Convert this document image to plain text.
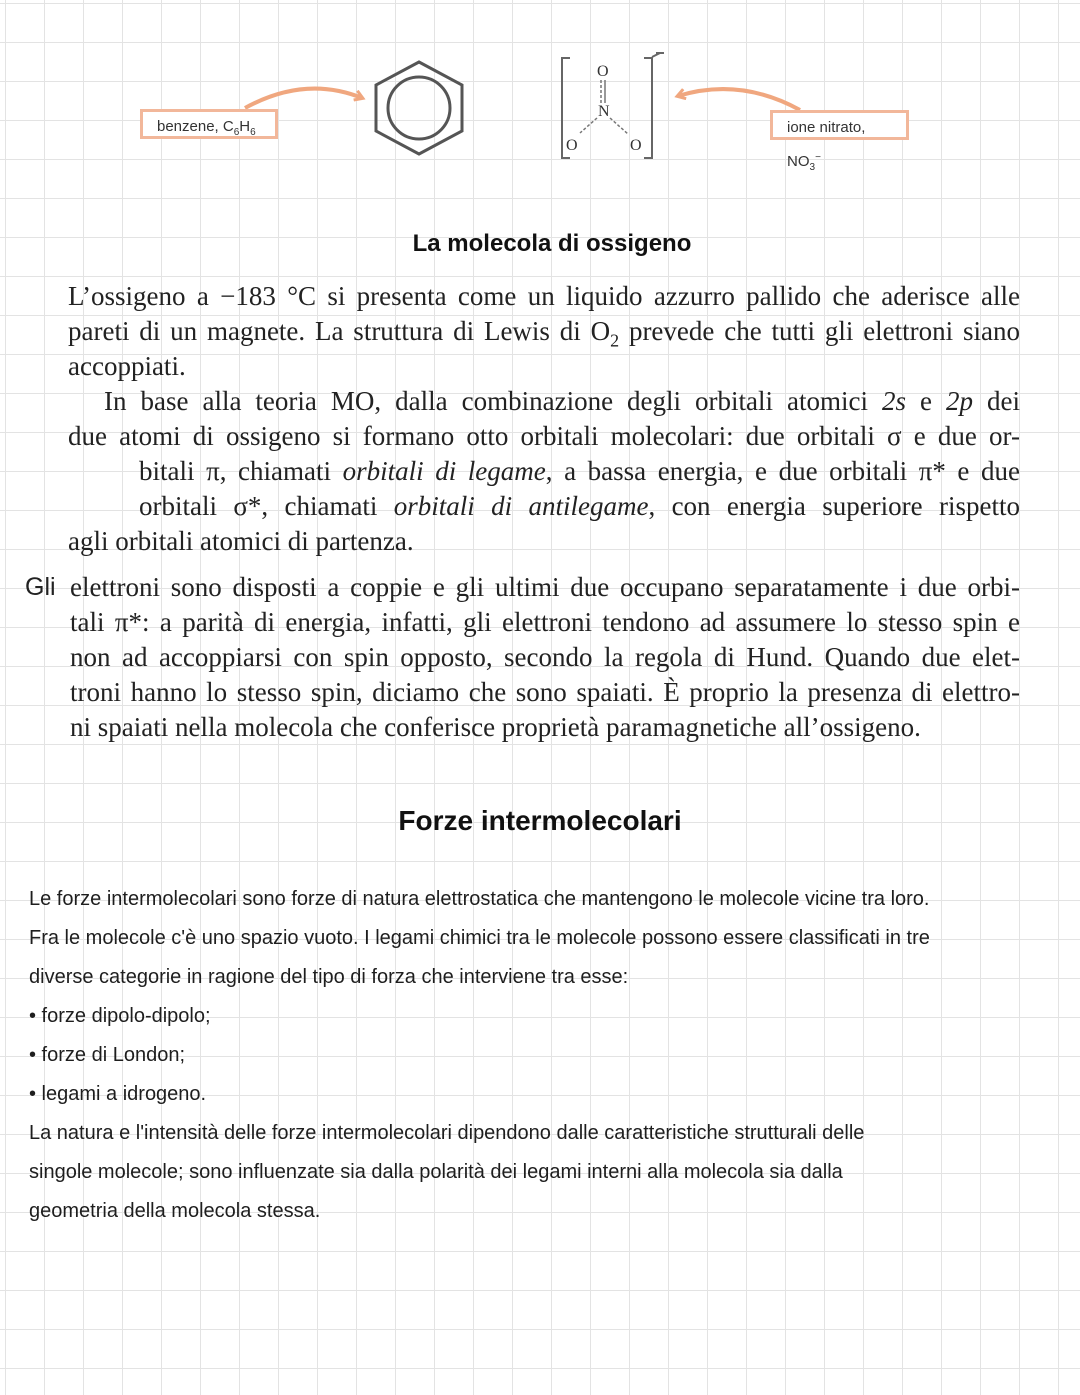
O
N
O	O
benzene, $C_6H_6$	ione nitrato, $NO_3^-$
La molecola di ossigeno
L’ossigeno a −183 °C si presenta come un liquido azzurro pallido che aderisce alle
pareti di un magnete. La struttura di Lewis di $O_2$ prevede che tutti gli elettroni siano
accoppiati.
In base alla teoria MO, dalla combinazione degli orbitali atomici 2s e 2p dei
due atomi di ossigeno si formano otto orbitali molecolari: due orbitali σ e due or-
bitali π, chiamati orbitali di legame, a bassa energia, e due orbitali π* e due
orbitali σ*, chiamati orbitali di antilegame, con energia superiore rispetto
agli orbitali atomici di partenza.
Gli elettroni sono disposti a coppie e gli ultimi due occupano separatamente i due orbi-
tali π*: a parità di energia, infatti, gli elettroni tendono ad assumere lo stesso spin e
non ad accoppiarsi con spin opposto, secondo la regola di Hund. Quando due elet-
troni hanno lo stesso spin, diciamo che sono spaiati. È proprio la presenza di elettro-
ni spaiati nella molecola che conferisce proprietà paramagnetiche all’ossigeno.
Forze intermolecolari
Le forze intermolecolari sono forze di natura elettrostatica che mantengono le molecole vicine tra loro.
Fra le molecole c'è uno spazio vuoto. I legami chimici tra le molecole possono essere classificati in tre
diverse categorie in ragione del tipo di forza che interviene tra esse:
• forze dipolo-dipolo;
• forze di London;
• legami a idrogeno.
La natura e l'intensità delle forze intermolecolari dipendono dalle caratteristiche strutturali delle
singole molecole; sono influenzate sia dalla polarità dei legami interni alla molecola sia dalla
geometria della molecola stessa.
